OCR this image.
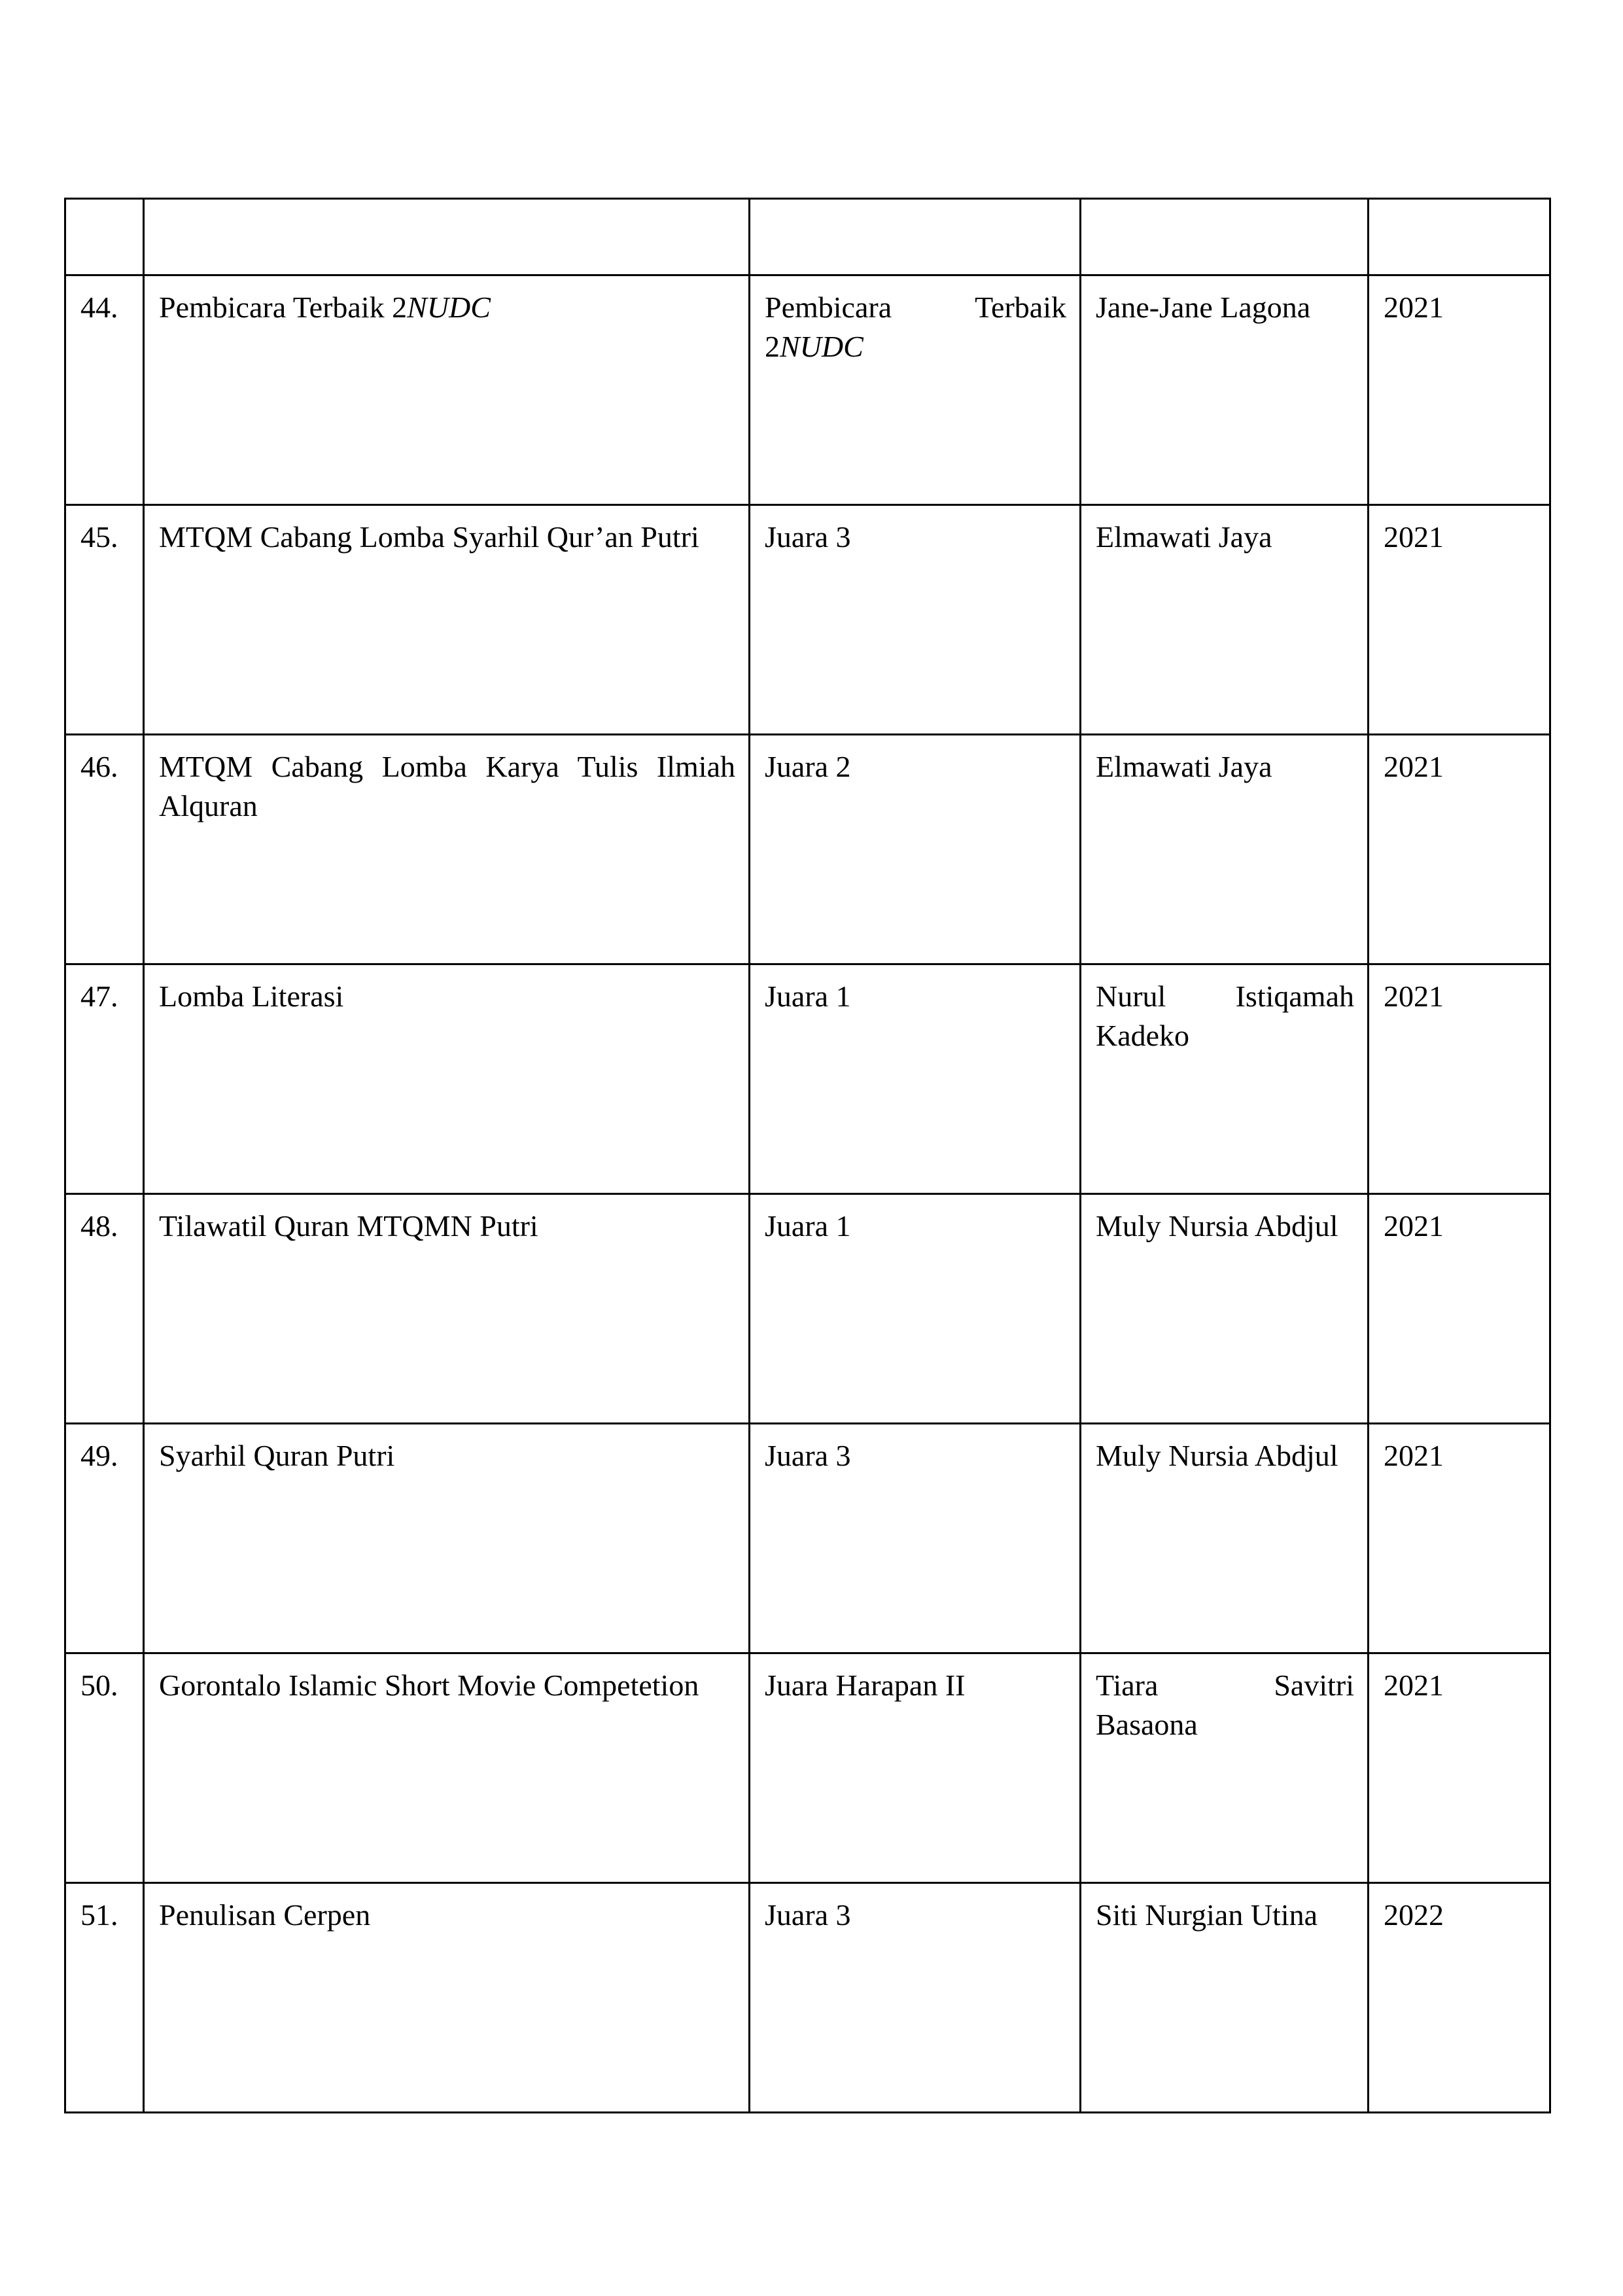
44.	Pembicara Terbaik 2NUDC	Pembicara Terbaik 2NUDC	Jane-Jane Lagona	2021
45.	MTQM Cabang Lomba Syarhil Qur’an Putri	Juara 3	Elmawati Jaya	2021
46.	MTQM Cabang Lomba Karya Tulis Ilmiah Alquran	Juara 2	Elmawati Jaya	2021
47.	Lomba Literasi	Juara 1	Nurul Istiqamah Kadeko	2021
48.	Tilawatil Quran MTQMN Putri	Juara 1	Muly Nursia Abdjul	2021
49.	Syarhil Quran Putri	Juara 3	Muly Nursia Abdjul	2021
50.	Gorontalo Islamic Short Movie Competetion	Juara Harapan II	Tiara Savitri Basaona	2021
51.	Penulisan Cerpen	Juara 3	Siti Nurgian Utina	2022
